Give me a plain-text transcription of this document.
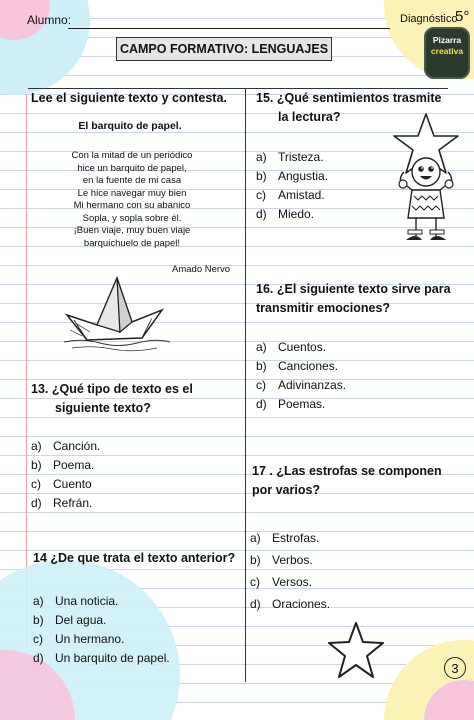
Alumno:	Diagnóstico
5°
CAMPO FORMATIVO: LENGUAJES
Pizarra
creativa
Lee el siguiente texto y contesta.
El barquito de papel.
Con la mitad de un periódico
hice un barquito de papel,
en la fuente de mi casa
Le hice navegar muy bien
Mi hermano con su abanico
Sopla, y sopla sobre él.
¡Buen viaje, muy buen viaje
barquichuelo de papel!
Amado Nervo
13. ¿Qué tipo de texto es el
siguiente texto?
a) Canción.
b) Poema.
c) Cuento
d) Refrán.
14 ¿De que trata el texto anterior?
a) Una noticia.
b) Del agua.
c) Un hermano.
d) Un barquito de papel.
15. ¿Qué sentimientos trasmite
la lectura?
a) Tristeza.
b) Angustia.
c) Amistad.
d) Miedo.
16. ¿El siguiente texto sirve para
transmitir emociones?
a) Cuentos.
b) Canciones.
c) Adivinanzas.
d) Poemas.
17 . ¿Las estrofas se componen
por varios?
a) Estrofas.
b) Verbos.
c) Versos.
d) Oraciones.
3
